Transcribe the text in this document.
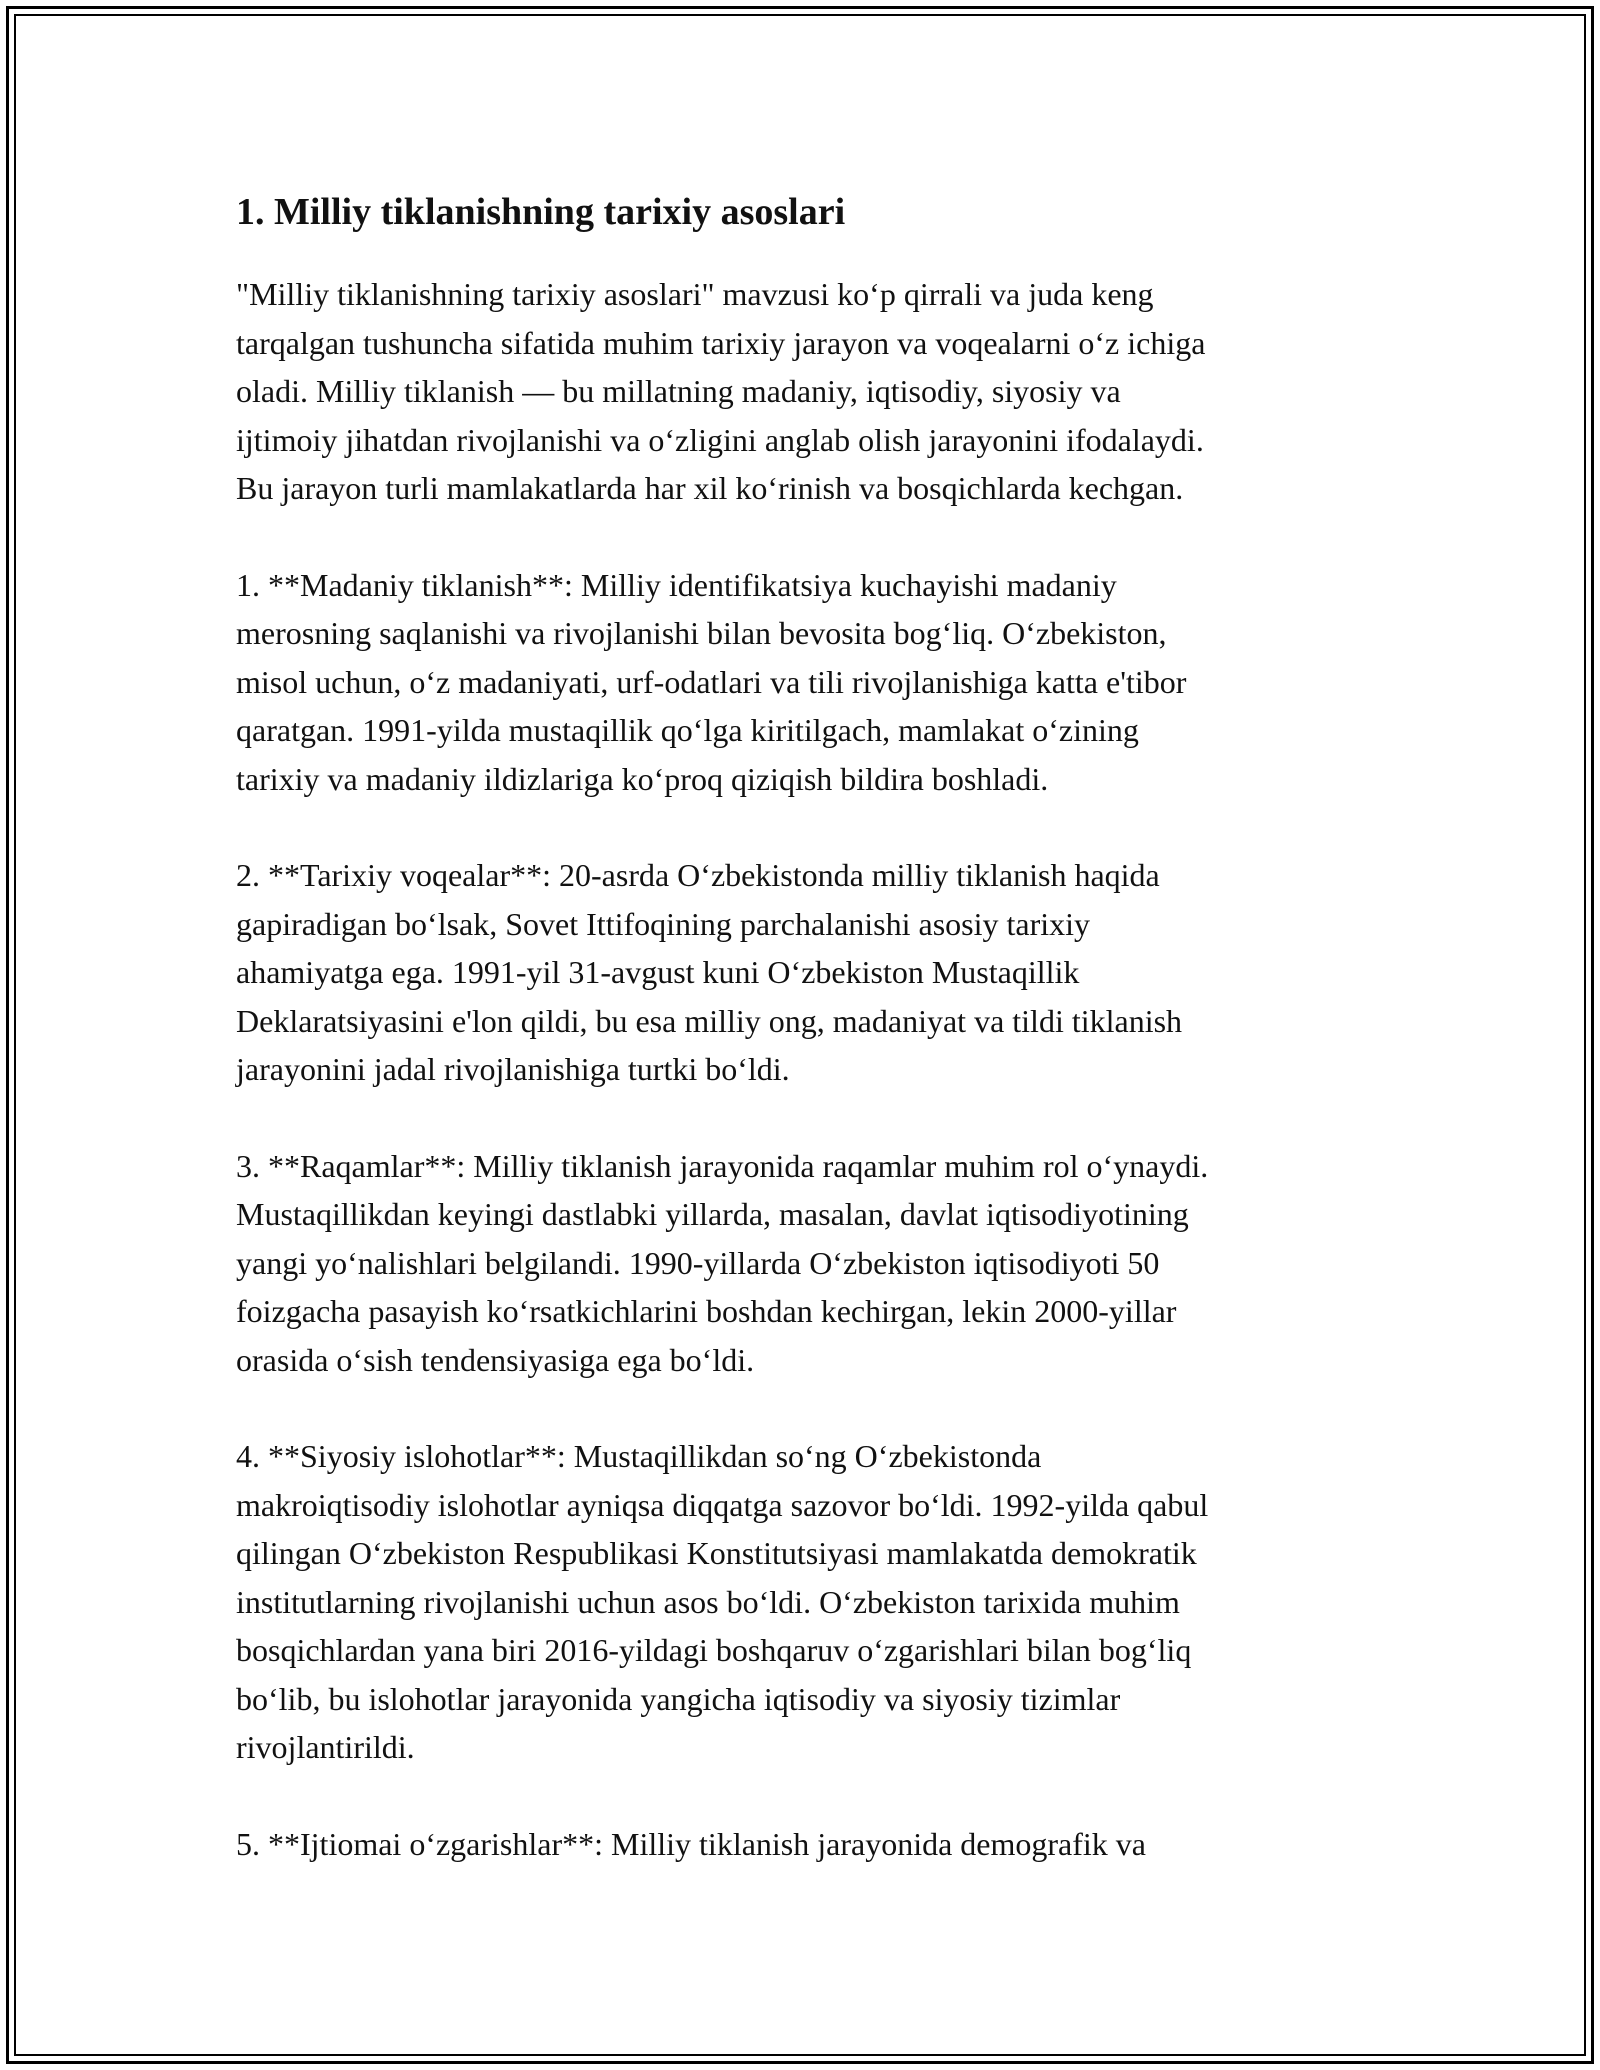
1. Milliy tiklanishning tarixiy asoslari

"Milliy tiklanishning tarixiy asoslari" mavzusi koʻp qirrali va juda keng
tarqalgan tushuncha sifatida muhim tarixiy jarayon va voqealarni oʻz ichiga
oladi. Milliy tiklanish — bu millatning madaniy, iqtisodiy, siyosiy va
ijtimoiy jihatdan rivojlanishi va oʻzligini anglab olish jarayonini ifodalaydi.
Bu jarayon turli mamlakatlarda har xil koʻrinish va bosqichlarda kechgan.

1. **Madaniy tiklanish**: Milliy identifikatsiya kuchayishi madaniy
merosning saqlanishi va rivojlanishi bilan bevosita bogʻliq. Oʻzbekiston,
misol uchun, oʻz madaniyati, urf-odatlari va tili rivojlanishiga katta e'tibor
qaratgan. 1991-yilda mustaqillik qoʻlga kiritilgach, mamlakat oʻzining
tarixiy va madaniy ildizlariga koʻproq qiziqish bildira boshladi.

2. **Tarixiy voqealar**: 20-asrda Oʻzbekistonda milliy tiklanish haqida
gapiradigan boʻlsak, Sovet Ittifoqining parchalanishi asosiy tarixiy
ahamiyatga ega. 1991-yil 31-avgust kuni Oʻzbekiston Mustaqillik
Deklaratsiyasini e'lon qildi, bu esa milliy ong, madaniyat va tildi tiklanish
jarayonini jadal rivojlanishiga turtki boʻldi.

3. **Raqamlar**: Milliy tiklanish jarayonida raqamlar muhim rol oʻynaydi.
Mustaqillikdan keyingi dastlabki yillarda, masalan, davlat iqtisodiyotining
yangi yoʻnalishlari belgilandi. 1990-yillarda Oʻzbekiston iqtisodiyoti 50
foizgacha pasayish koʻrsatkichlarini boshdan kechirgan, lekin 2000-yillar
orasida oʻsish tendensiyasiga ega boʻldi.

4. **Siyosiy islohotlar**: Mustaqillikdan soʻng Oʻzbekistonda
makroiqtisodiy islohotlar ayniqsa diqqatga sazovor boʻldi. 1992-yilda qabul
qilingan Oʻzbekiston Respublikasi Konstitutsiyasi mamlakatda demokratik
institutlarning rivojlanishi uchun asos boʻldi. Oʻzbekiston tarixida muhim
bosqichlardan yana biri 2016-yildagi boshqaruv oʻzgarishlari bilan bogʻliq
boʻlib, bu islohotlar jarayonida yangicha iqtisodiy va siyosiy tizimlar
rivojlantirildi.

5. **Ijtiomai oʻzgarishlar**: Milliy tiklanish jarayonida demografik va
